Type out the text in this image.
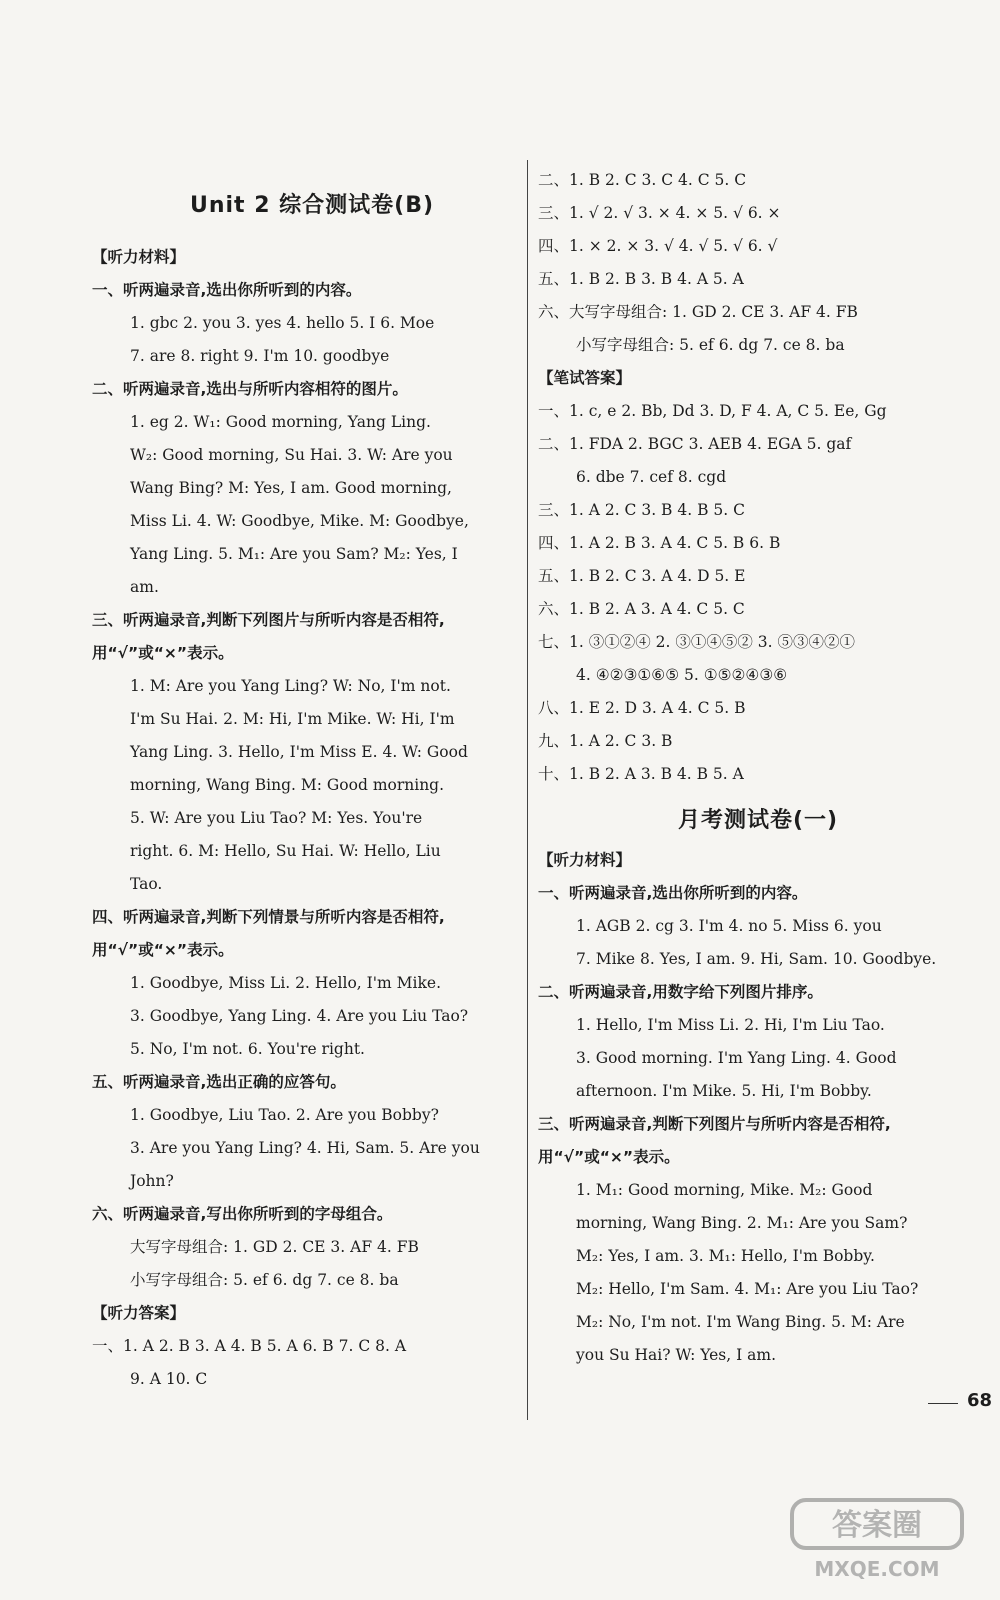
Unit 2 综合测试卷(B)
【听力材料】
一、听两遍录音,选出你所听到的内容。
1. gbc 2. you 3. yes 4. hello 5. I 6. Moe
7. are 8. right 9. I'm 10. goodbye
二、听两遍录音,选出与所听内容相符的图片。
1. eg 2. W₁: Good morning, Yang Ling.
W₂: Good morning, Su Hai. 3. W: Are you
Wang Bing? M: Yes, I am. Good morning,
Miss Li. 4. W: Goodbye, Mike. M: Goodbye,
Yang Ling. 5. M₁: Are you Sam? M₂: Yes, I
am.
三、听两遍录音,判断下列图片与所听内容是否相符,
用“√”或“×”表示。
1. M: Are you Yang Ling? W: No, I'm not.
I'm Su Hai. 2. M: Hi, I'm Mike. W: Hi, I'm
Yang Ling. 3. Hello, I'm Miss E. 4. W: Good
morning, Wang Bing. M: Good morning.
5. W: Are you Liu Tao? M: Yes. You're
right. 6. M: Hello, Su Hai. W: Hello, Liu
Tao.
四、听两遍录音,判断下列情景与所听内容是否相符,
用“√”或“×”表示。
1. Goodbye, Miss Li. 2. Hello, I'm Mike.
3. Goodbye, Yang Ling. 4. Are you Liu Tao?
5. No, I'm not. 6. You're right.
五、听两遍录音,选出正确的应答句。
1. Goodbye, Liu Tao. 2. Are you Bobby?
3. Are you Yang Ling? 4. Hi, Sam. 5. Are you
John?
六、听两遍录音,写出你所听到的字母组合。
大写字母组合: 1. GD 2. CE 3. AF 4. FB
小写字母组合: 5. ef 6. dg 7. ce 8. ba
【听力答案】
一、1. A 2. B 3. A 4. B 5. A 6. B 7. C 8. A
9. A 10. C
二、1. B 2. C 3. C 4. C 5. C
三、1. √ 2. √ 3. × 4. × 5. √ 6. ×
四、1. × 2. × 3. √ 4. √ 5. √ 6. √
五、1. B 2. B 3. B 4. A 5. A
六、大写字母组合: 1. GD 2. CE 3. AF 4. FB
小写字母组合: 5. ef 6. dg 7. ce 8. ba
【笔试答案】
一、1. c, e 2. Bb, Dd 3. D, F 4. A, C 5. Ee, Gg
二、1. FDA 2. BGC 3. AEB 4. EGA 5. gaf
6. dbe 7. cef 8. cgd
三、1. A 2. C 3. B 4. B 5. C
四、1. A 2. B 3. A 4. C 5. B 6. B
五、1. B 2. C 3. A 4. D 5. E
六、1. B 2. A 3. A 4. C 5. C
七、1. ③①②④ 2. ③①④⑤② 3. ⑤③④②①
4. ④②③①⑥⑤ 5. ①⑤②④③⑥
八、1. E 2. D 3. A 4. C 5. B
九、1. A 2. C 3. B
十、1. B 2. A 3. B 4. B 5. A
月考测试卷(一)
【听力材料】
一、听两遍录音,选出你所听到的内容。
1. AGB 2. cg 3. I'm 4. no 5. Miss 6. you
7. Mike 8. Yes, I am. 9. Hi, Sam. 10. Goodbye.
二、听两遍录音,用数字给下列图片排序。
1. Hello, I'm Miss Li. 2. Hi, I'm Liu Tao.
3. Good morning. I'm Yang Ling. 4. Good
afternoon. I'm Mike. 5. Hi, I'm Bobby.
三、听两遍录音,判断下列图片与所听内容是否相符,
用“√”或“×”表示。
1. M₁: Good morning, Mike. M₂: Good
morning, Wang Bing. 2. M₁: Are you Sam?
M₂: Yes, I am. 3. M₁: Hello, I'm Bobby.
M₂: Hello, I'm Sam. 4. M₁: Are you Liu Tao?
M₂: No, I'm not. I'm Wang Bing. 5. M: Are
you Su Hai? W: Yes, I am.
68
答案圈
MXQE.COM
